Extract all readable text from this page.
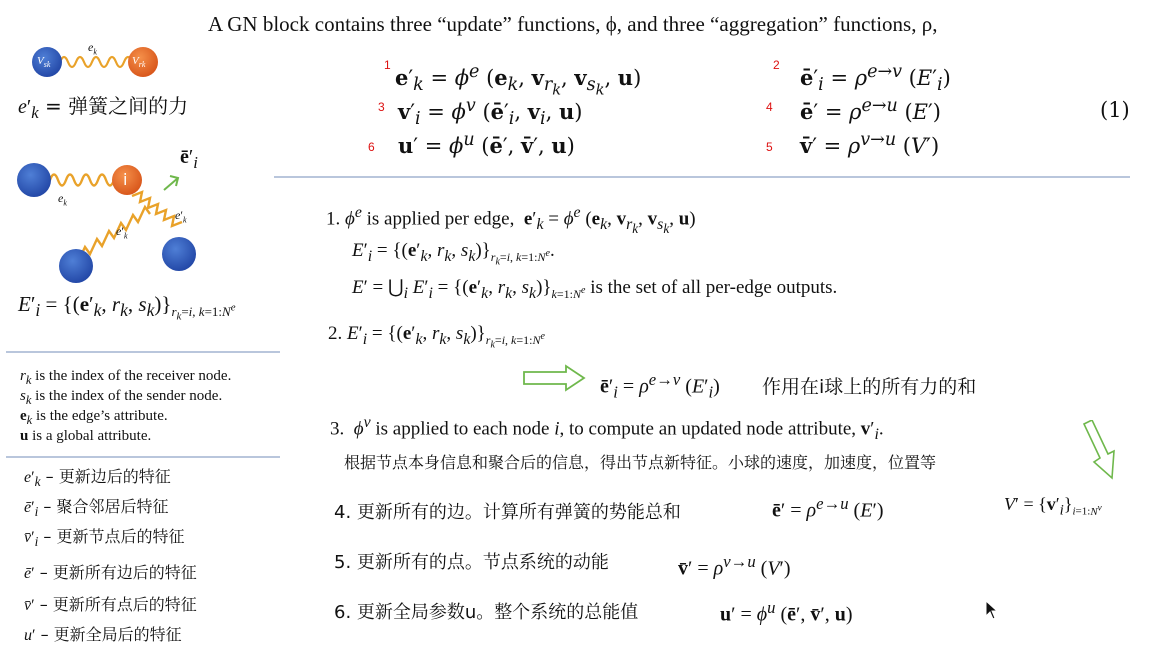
A GN block contains three “update” functions, ϕ, and three “aggregation” functions, ρ,
1 $e'_k = \phi^e$ ($e_k$, $v_{r_k}$, $v_{s_k}$, u)
3 $v'_i = \phi^v$ ($ē'_i$, $v_i$, u)
6 $u' = \phi^u$ (ē′, v̄′, u)
2 $ē'_i = \rho^{e\to v}$ $(E'_i)$
4 ē′ = $\rho^{e\to u}$ (E′)
5 v̄′ = $\rho^{v\to u}$ (V′)
(1)
$e_k$
$V_{sk}$	$V_{rk}$
$e'_k$ = 弹簧之间的力
i
$ē'_i$
$e_k$
$e'_k$
$e'_k$
$E'_i = \{(e'_k$, $r_k$, $s_k)\}_{r_k=i, k=1:N^e}$
$r_k$ is the index of the receiver node.
$s_k$ is the index of the sender node.
$e_k$ is the edge’s attribute.
u is a global attribute.
$e'_k$ – 更新边后的特征
$ē'_i$ – 聚合邻居后特征
$v̄'_i$ – 更新节点后的特征
ē′ – 更新所有边后的特征
v̄′ – 更新所有点后的特征
u′ – 更新全局后的特征
1. $\phi^e$ is applied per edge,  $e'_k = \phi^e$ ($e_k$, $v_{r_k}$, $v_{s_k}$, u)
$E'_i = \{(e'_k$, $r_k$, $s_k)\}_{r_k=i, k=1:N^e}$.
$E' = ⋃_i$ $E'_i = \{(e'_k$, $r_k$, $s_k)\}_{k=1:N^e}$ is the set of all per-edge outputs.
2. $E'_i = \{(e'_k$, $r_k$, $s_k)\}_{r_k=i, k=1:N^e}$
$ē'_i = \rho^{e\to v}$ $(E'_i)$ 作用在i球上的所有力的和
3.  $\phi^v$ is applied to each node i, to compute an updated node attribute, $v'_i$.
根据节点本身信息和聚合后的信息，得出节点新特征。小球的速度，加速度，位置等
4. 更新所有的边。计算所有弹簧的势能总和	ē′ = $\rho^{e\to u}$ (E′)	$V' = \{v'_i\}_{i=1:N^v}$
5. 更新所有的点。节点系统的动能	v̄′ = $\rho^{v\to u}$ (V′)
6. 更新全局参数u。整个系统的总能值	$u' = \phi^u$ (ē′, v̄′, u)
